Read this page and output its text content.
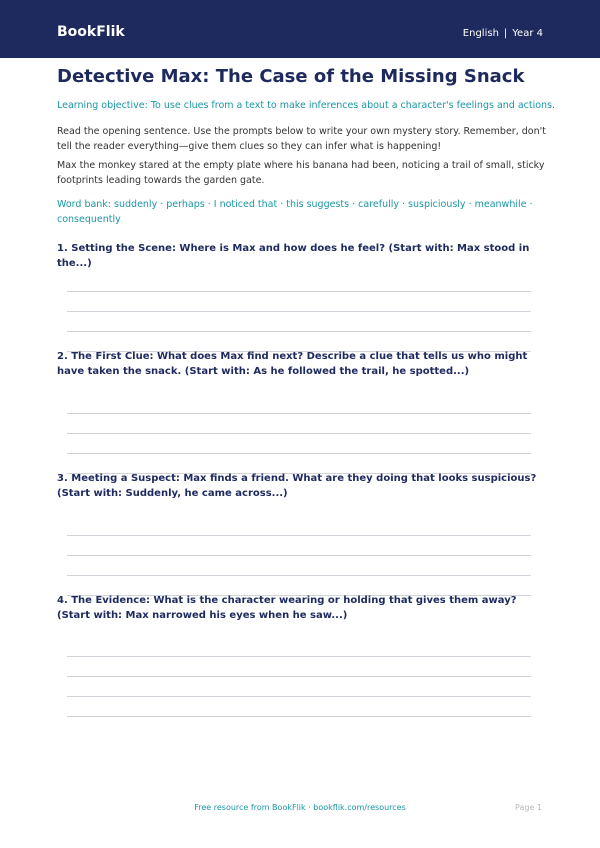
BookFlik	English | Year 4
Detective Max: The Case of the Missing Snack

Learning objective: To use clues from a text to make inferences about a character's feelings and actions.

Read the opening sentence. Use the prompts below to write your own mystery story. Remember, don't tell the reader everything—give them clues so they can infer what is happening!

Max the monkey stared at the empty plate where his banana had been, noticing a trail of small, sticky footprints leading towards the garden gate.

Word bank: suddenly · perhaps · I noticed that · this suggests · carefully · suspiciously · meanwhile · consequently

1. Setting the Scene: Where is Max and how does he feel? (Start with: Max stood in the...)

2. The First Clue: What does Max find next? Describe a clue that tells us who might have taken the snack. (Start with: As he followed the trail, he spotted...)

3. Meeting a Suspect: Max finds a friend. What are they doing that looks suspicious? (Start with: Suddenly, he came across...)

4. The Evidence: What is the character wearing or holding that gives them away? (Start with: Max narrowed his eyes when he saw...)

Free resource from BookFlik · bookflik.com/resources	Page 1
